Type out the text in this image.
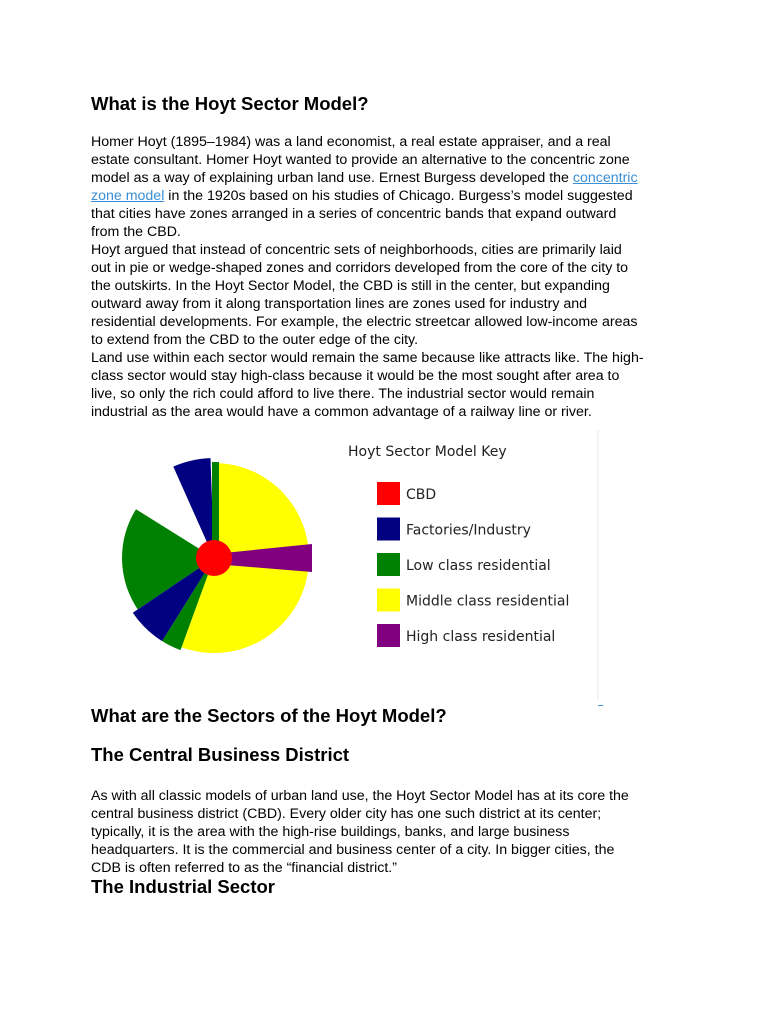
What is the Hoyt Sector Model?
Homer Hoyt (1895–1984) was a land economist, a real estate appraiser, and a real
estate consultant. Homer Hoyt wanted to provide an alternative to the concentric zone
model as a way of explaining urban land use. Ernest Burgess developed the concentric
zone model in the 1920s based on his studies of Chicago. Burgess’s model suggested
that cities have zones arranged in a series of concentric bands that expand outward
from the CBD.
Hoyt argued that instead of concentric sets of neighborhoods, cities are primarily laid
out in pie or wedge-shaped zones and corridors developed from the core of the city to
the outskirts. In the Hoyt Sector Model, the CBD is still in the center, but expanding
outward away from it along transportation lines are zones used for industry and
residential developments. For example, the electric streetcar allowed low-income areas
to extend from the CBD to the outer edge of the city.
Land use within each sector would remain the same because like attracts like. The high-
class sector would stay high-class because it would be the most sought after area to
live, so only the rich could afford to live there. The industrial sector would remain
industrial as the area would have a common advantage of a railway line or river.
Hoyt Sector Model Key
CBD
Factories/Industry
Low class residential
Middle class residential
High class residential
What are the Sectors of the Hoyt Model?
The Central Business District
As with all classic models of urban land use, the Hoyt Sector Model has at its core the
central business district (CBD). Every older city has one such district at its center;
typically, it is the area with the high-rise buildings, banks, and large business
headquarters. It is the commercial and business center of a city. In bigger cities, the
CDB is often referred to as the “financial district.”
The Industrial Sector
